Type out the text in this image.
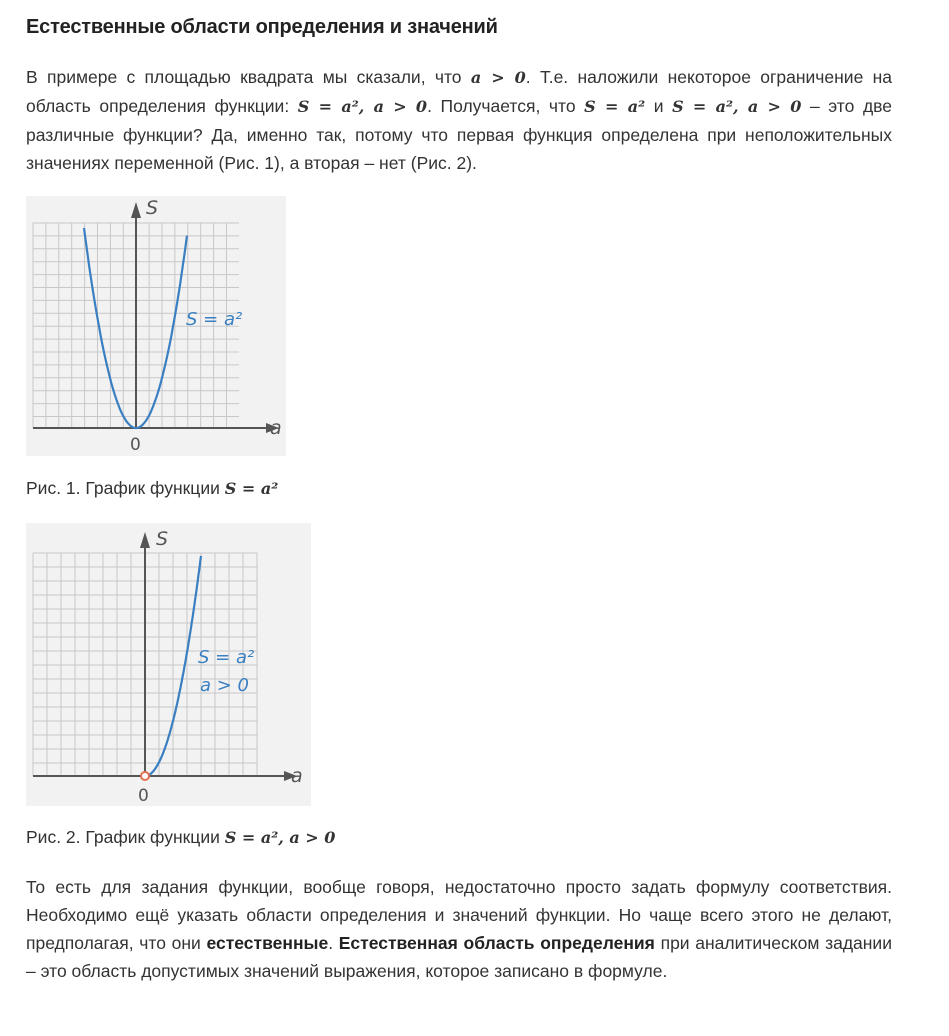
Естественные области определения и значений
В примере с площадью квадрата мы сказали, что a > 0. Т.е. наложили некоторое ограничение на область определения функции: S = a², a > 0. Получается, что S = a² и S = a², a > 0 – это две различные функции? Да, именно так, потому что первая функция определена при неположительных значениях переменной (Рис. 1), а вторая – нет (Рис. 2).
S
a
0
S = a²
Рис. 1. График функции S = a²
S
a
0
S = a²
a > 0
Рис. 2. График функции S = a², a > 0
То есть для задания функции, вообще говоря, недостаточно просто задать формулу соответствия. Необходимо ещё указать области определения и значений функции. Но чаще всего этого не делают, предполагая, что они естественные. Естественная область определения при аналитическом задании – это область допустимых значений выражения, которое записано в формуле.
